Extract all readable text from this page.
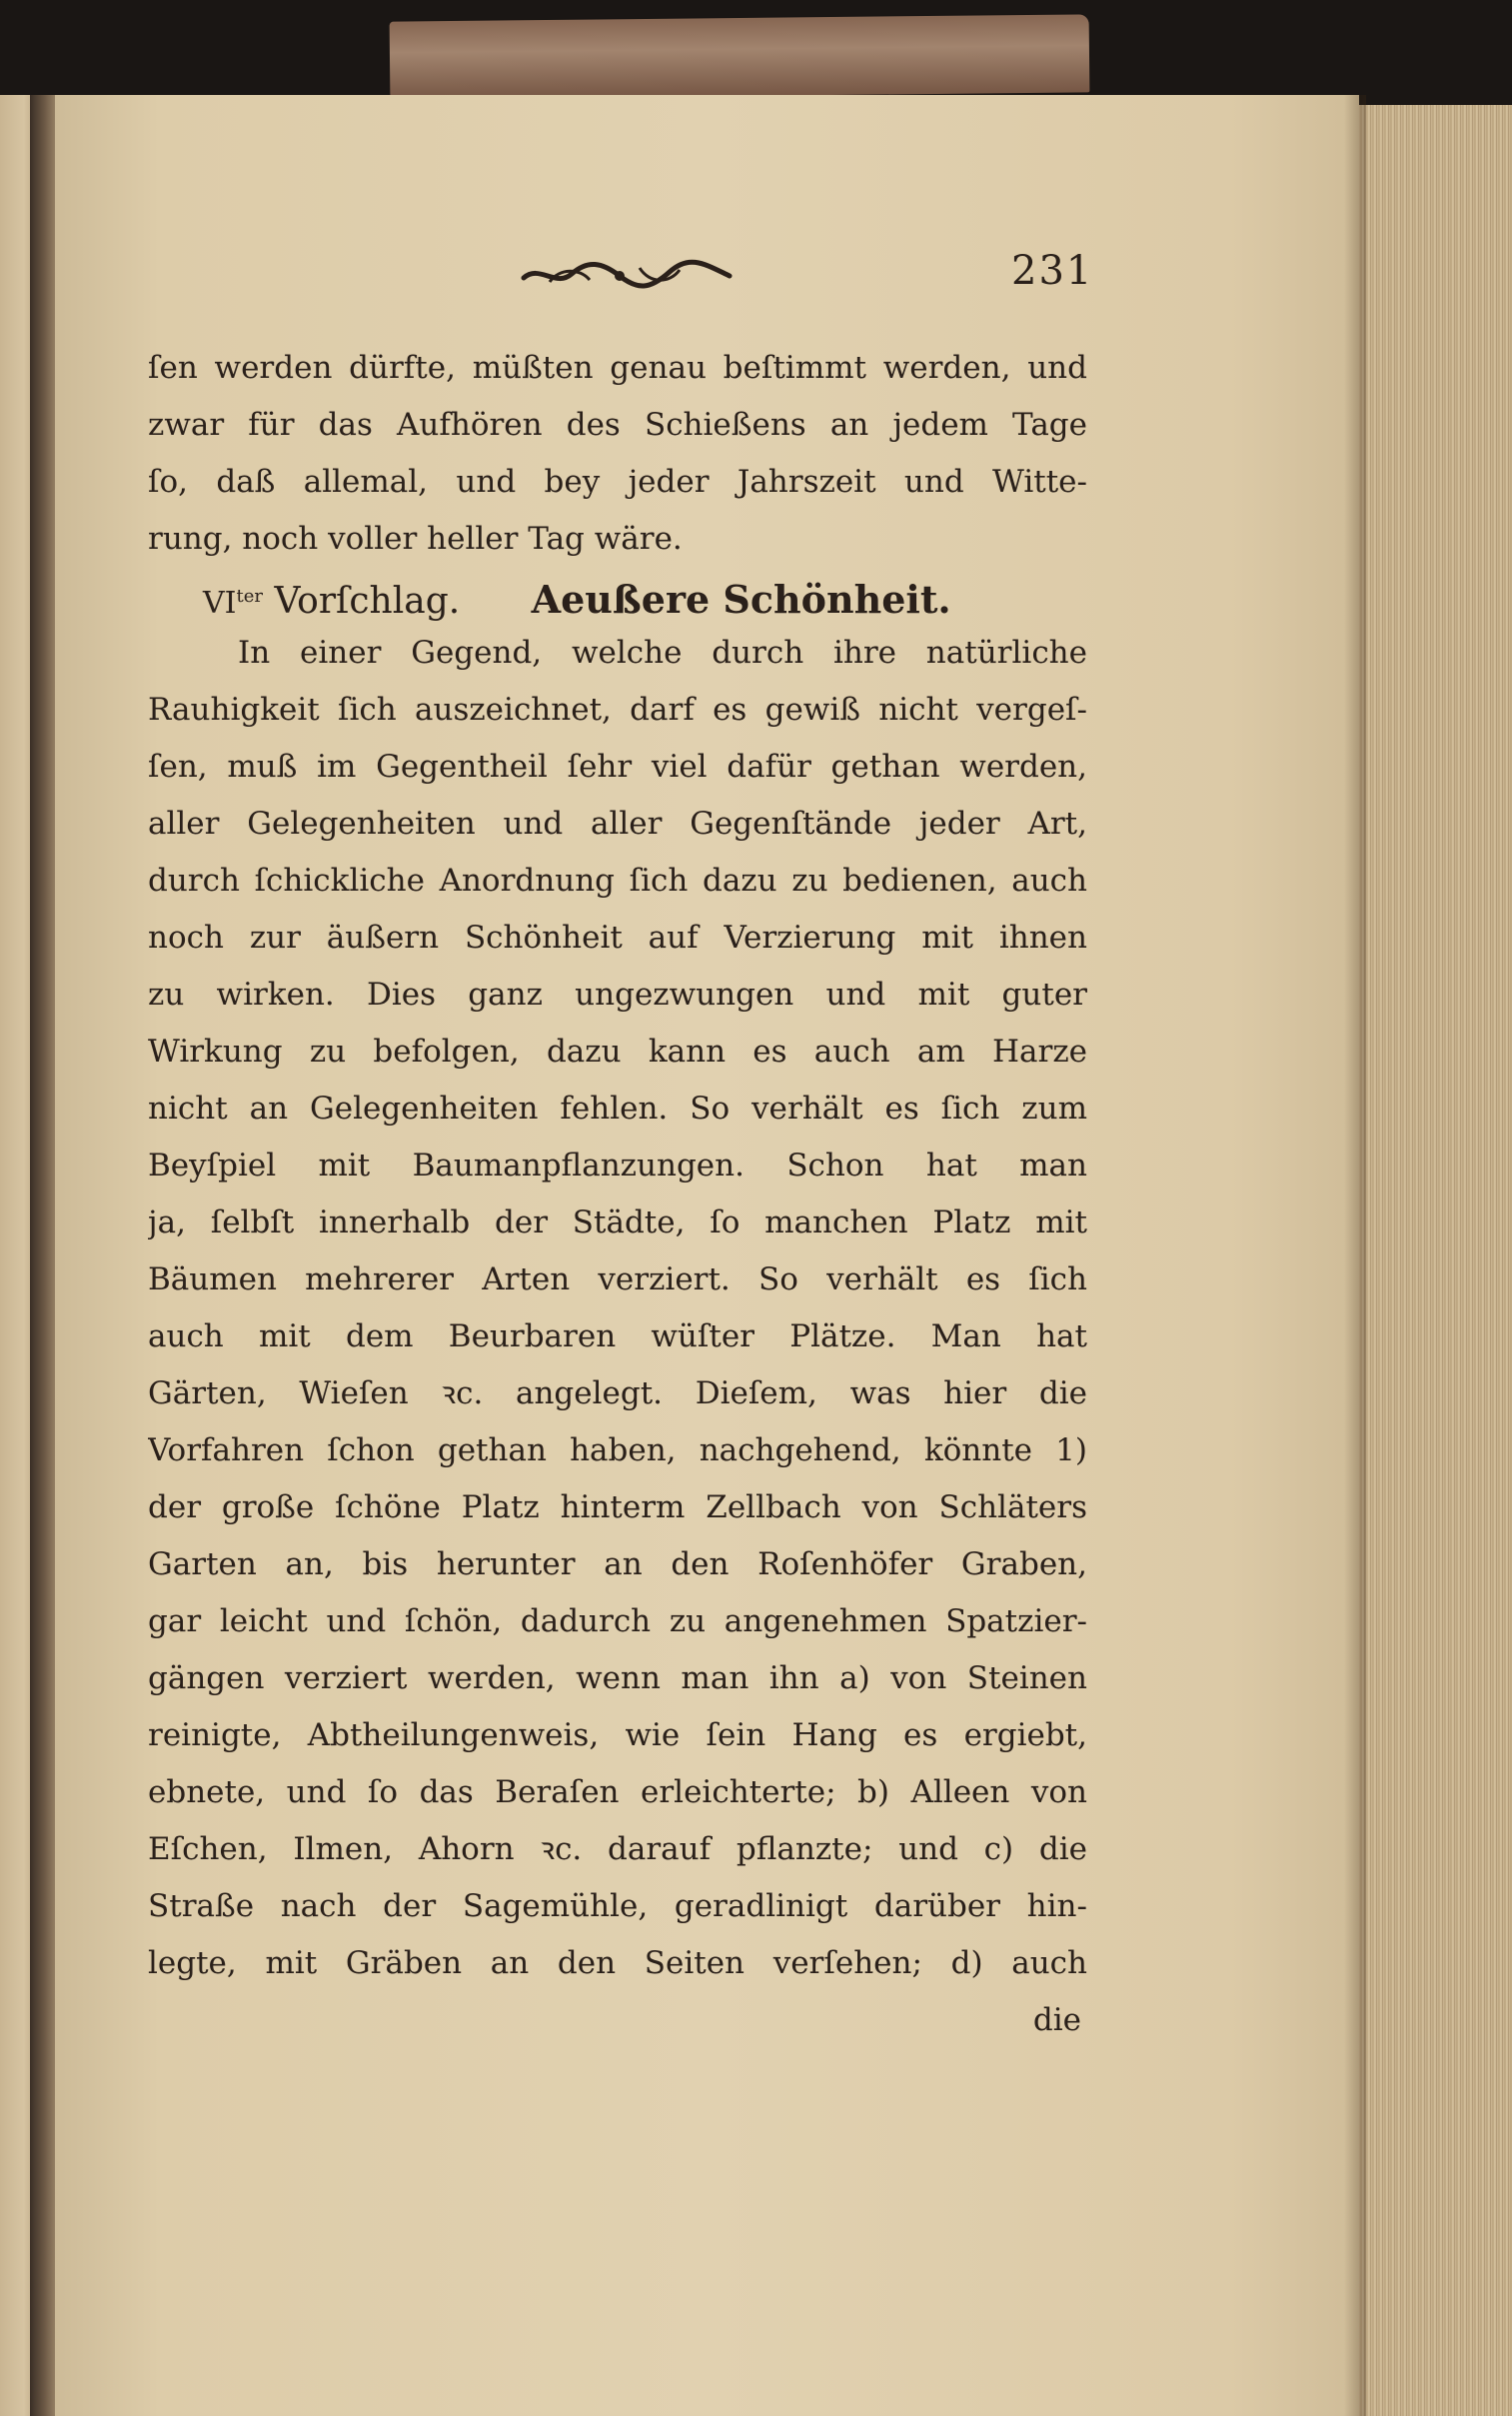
231
ſen werden dürfte, müßten genau beſtimmt werden, und
zwar für das Aufhören des Schießens an jedem Tage
ſo, daß allemal, und bey jeder Jahrszeit und Witte-
rung, noch voller heller Tag wäre.
$VI^{ter}$ Vorſchlag. Aeußere Schönheit.
In einer Gegend, welche durch ihre natürliche
Rauhigkeit ſich auszeichnet, darf es gewiß nicht vergeſ-
ſen, muß im Gegentheil ſehr viel dafür gethan werden,
aller Gelegenheiten und aller Gegenſtände jeder Art,
durch ſchickliche Anordnung ſich dazu zu bedienen, auch
noch zur äußern Schönheit auf Verzierung mit ihnen
zu wirken. Dies ganz ungezwungen und mit guter
Wirkung zu befolgen, dazu kann es auch am Harze
nicht an Gelegenheiten fehlen. So verhält es ſich zum
Beyſpiel mit Baumanpflanzungen. Schon hat man
ja, ſelbſt innerhalb der Städte, ſo manchen Platz mit
Bäumen mehrerer Arten verziert. So verhält es ſich
auch mit dem Beurbaren wüſter Plätze. Man hat
Gärten, Wieſen ꝛc. angelegt. Dieſem, was hier die
Vorfahren ſchon gethan haben, nachgehend, könnte 1)
der große ſchöne Platz hinterm Zellbach von Schläters
Garten an, bis herunter an den Roſenhöfer Graben,
gar leicht und ſchön, dadurch zu angenehmen Spatzier-
gängen verziert werden, wenn man ihn a) von Steinen
reinigte, Abtheilungenweis, wie ſein Hang es ergiebt,
ebnete, und ſo das Beraſen erleichterte; b) Alleen von
Eſchen, Ilmen, Ahorn ꝛc. darauf pflanzte; und c) die
Straße nach der Sagemühle, geradlinigt darüber hin-
legte, mit Gräben an den Seiten verſehen; d) auch
die
